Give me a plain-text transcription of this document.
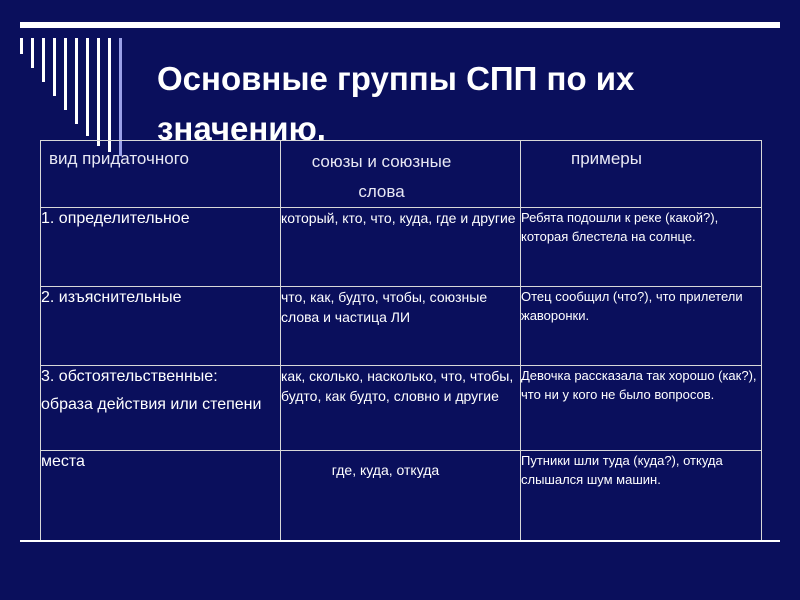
Основные группы СПП по их значению.
вид придаточного	союзы и союзные слова	примеры

1. определительное	который, кто, что, куда, где и другие	Ребята подошли к реке (какой?), которая блестела на солнце.
2. изъяснительные	что, как, будто, чтобы, союзные слова и частица ЛИ	Отец сообщил (что?), что прилетели жаворонки.
3. обстоятельственные:
образа действия или степени	как, сколько, насколько, что, чтобы, будто, как будто, словно и другие	Девочка рассказала так хорошо (как?), что ни у кого не было вопросов.
места	где, куда, откуда	Путники шли туда (куда?), откуда слышался шум машин.
